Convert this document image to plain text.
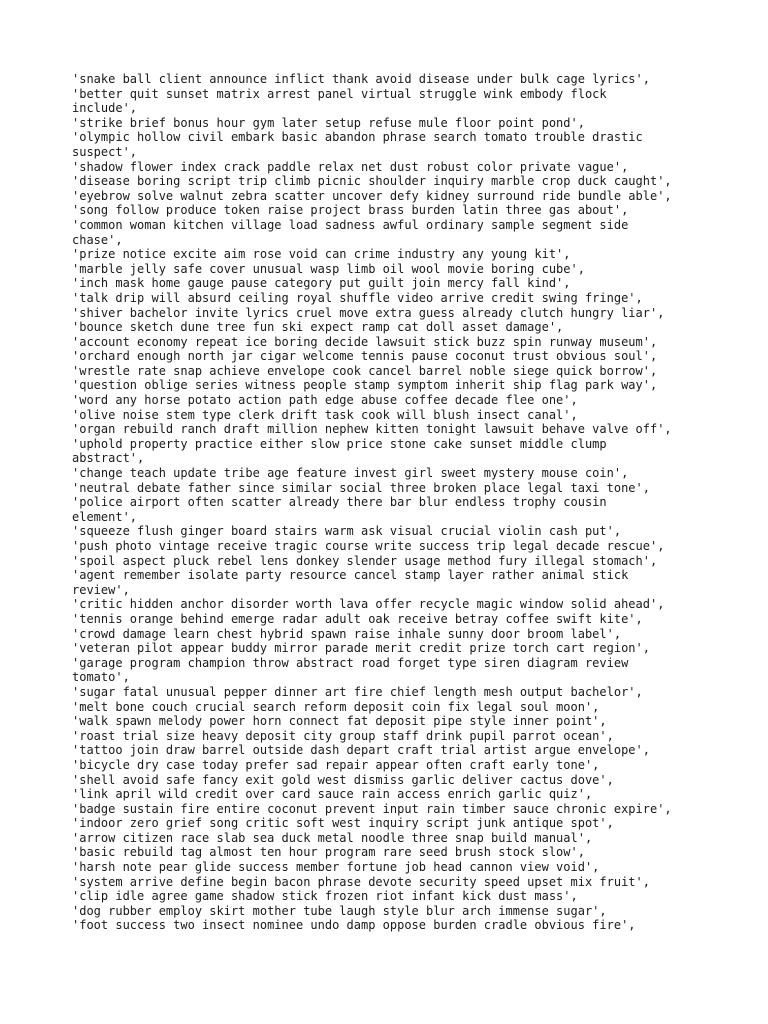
'snake ball client announce inflict thank avoid disease under bulk cage lyrics',
'better quit sunset matrix arrest panel virtual struggle wink embody flock
include',
'strike brief bonus hour gym later setup refuse mule floor point pond',
'olympic hollow civil embark basic abandon phrase search tomato trouble drastic
suspect',
'shadow flower index crack paddle relax net dust robust color private vague',
'disease boring script trip climb picnic shoulder inquiry marble crop duck caught',
'eyebrow solve walnut zebra scatter uncover defy kidney surround ride bundle able',
'song follow produce token raise project brass burden latin three gas about',
'common woman kitchen village load sadness awful ordinary sample segment side
chase',
'prize notice excite aim rose void can crime industry any young kit',
'marble jelly safe cover unusual wasp limb oil wool movie boring cube',
'inch mask home gauge pause category put guilt join mercy fall kind',
'talk drip will absurd ceiling royal shuffle video arrive credit swing fringe',
'shiver bachelor invite lyrics cruel move extra guess already clutch hungry liar',
'bounce sketch dune tree fun ski expect ramp cat doll asset damage',
'account economy repeat ice boring decide lawsuit stick buzz spin runway museum',
'orchard enough north jar cigar welcome tennis pause coconut trust obvious soul',
'wrestle rate snap achieve envelope cook cancel barrel noble siege quick borrow',
'question oblige series witness people stamp symptom inherit ship flag park way',
'word any horse potato action path edge abuse coffee decade flee one',
'olive noise stem type clerk drift task cook will blush insect canal',
'organ rebuild ranch draft million nephew kitten tonight lawsuit behave valve off',
'uphold property practice either slow price stone cake sunset middle clump
abstract',
'change teach update tribe age feature invest girl sweet mystery mouse coin',
'neutral debate father since similar social three broken place legal taxi tone',
'police airport often scatter already there bar blur endless trophy cousin
element',
'squeeze flush ginger board stairs warm ask visual crucial violin cash put',
'push photo vintage receive tragic course write success trip legal decade rescue',
'spoil aspect pluck rebel lens donkey slender usage method fury illegal stomach',
'agent remember isolate party resource cancel stamp layer rather animal stick
review',
'critic hidden anchor disorder worth lava offer recycle magic window solid ahead',
'tennis orange behind emerge radar adult oak receive betray coffee swift kite',
'crowd damage learn chest hybrid spawn raise inhale sunny door broom label',
'veteran pilot appear buddy mirror parade merit credit prize torch cart region',
'garage program champion throw abstract road forget type siren diagram review
tomato',
'sugar fatal unusual pepper dinner art fire chief length mesh output bachelor',
'melt bone couch crucial search reform deposit coin fix legal soul moon',
'walk spawn melody power horn connect fat deposit pipe style inner point',
'roast trial size heavy deposit city group staff drink pupil parrot ocean',
'tattoo join draw barrel outside dash depart craft trial artist argue envelope',
'bicycle dry case today prefer sad repair appear often craft early tone',
'shell avoid safe fancy exit gold west dismiss garlic deliver cactus dove',
'link april wild credit over card sauce rain access enrich garlic quiz',
'badge sustain fire entire coconut prevent input rain timber sauce chronic expire',
'indoor zero grief song critic soft west inquiry script junk antique spot',
'arrow citizen race slab sea duck metal noodle three snap build manual',
'basic rebuild tag almost ten hour program rare seed brush stock slow',
'harsh note pear glide success member fortune job head cannon view void',
'system arrive define begin bacon phrase devote security speed upset mix fruit',
'clip idle agree game shadow stick frozen riot infant kick dust mass',
'dog rubber employ skirt mother tube laugh style blur arch immense sugar',
'foot success two insect nominee undo damp oppose burden cradle obvious fire',
